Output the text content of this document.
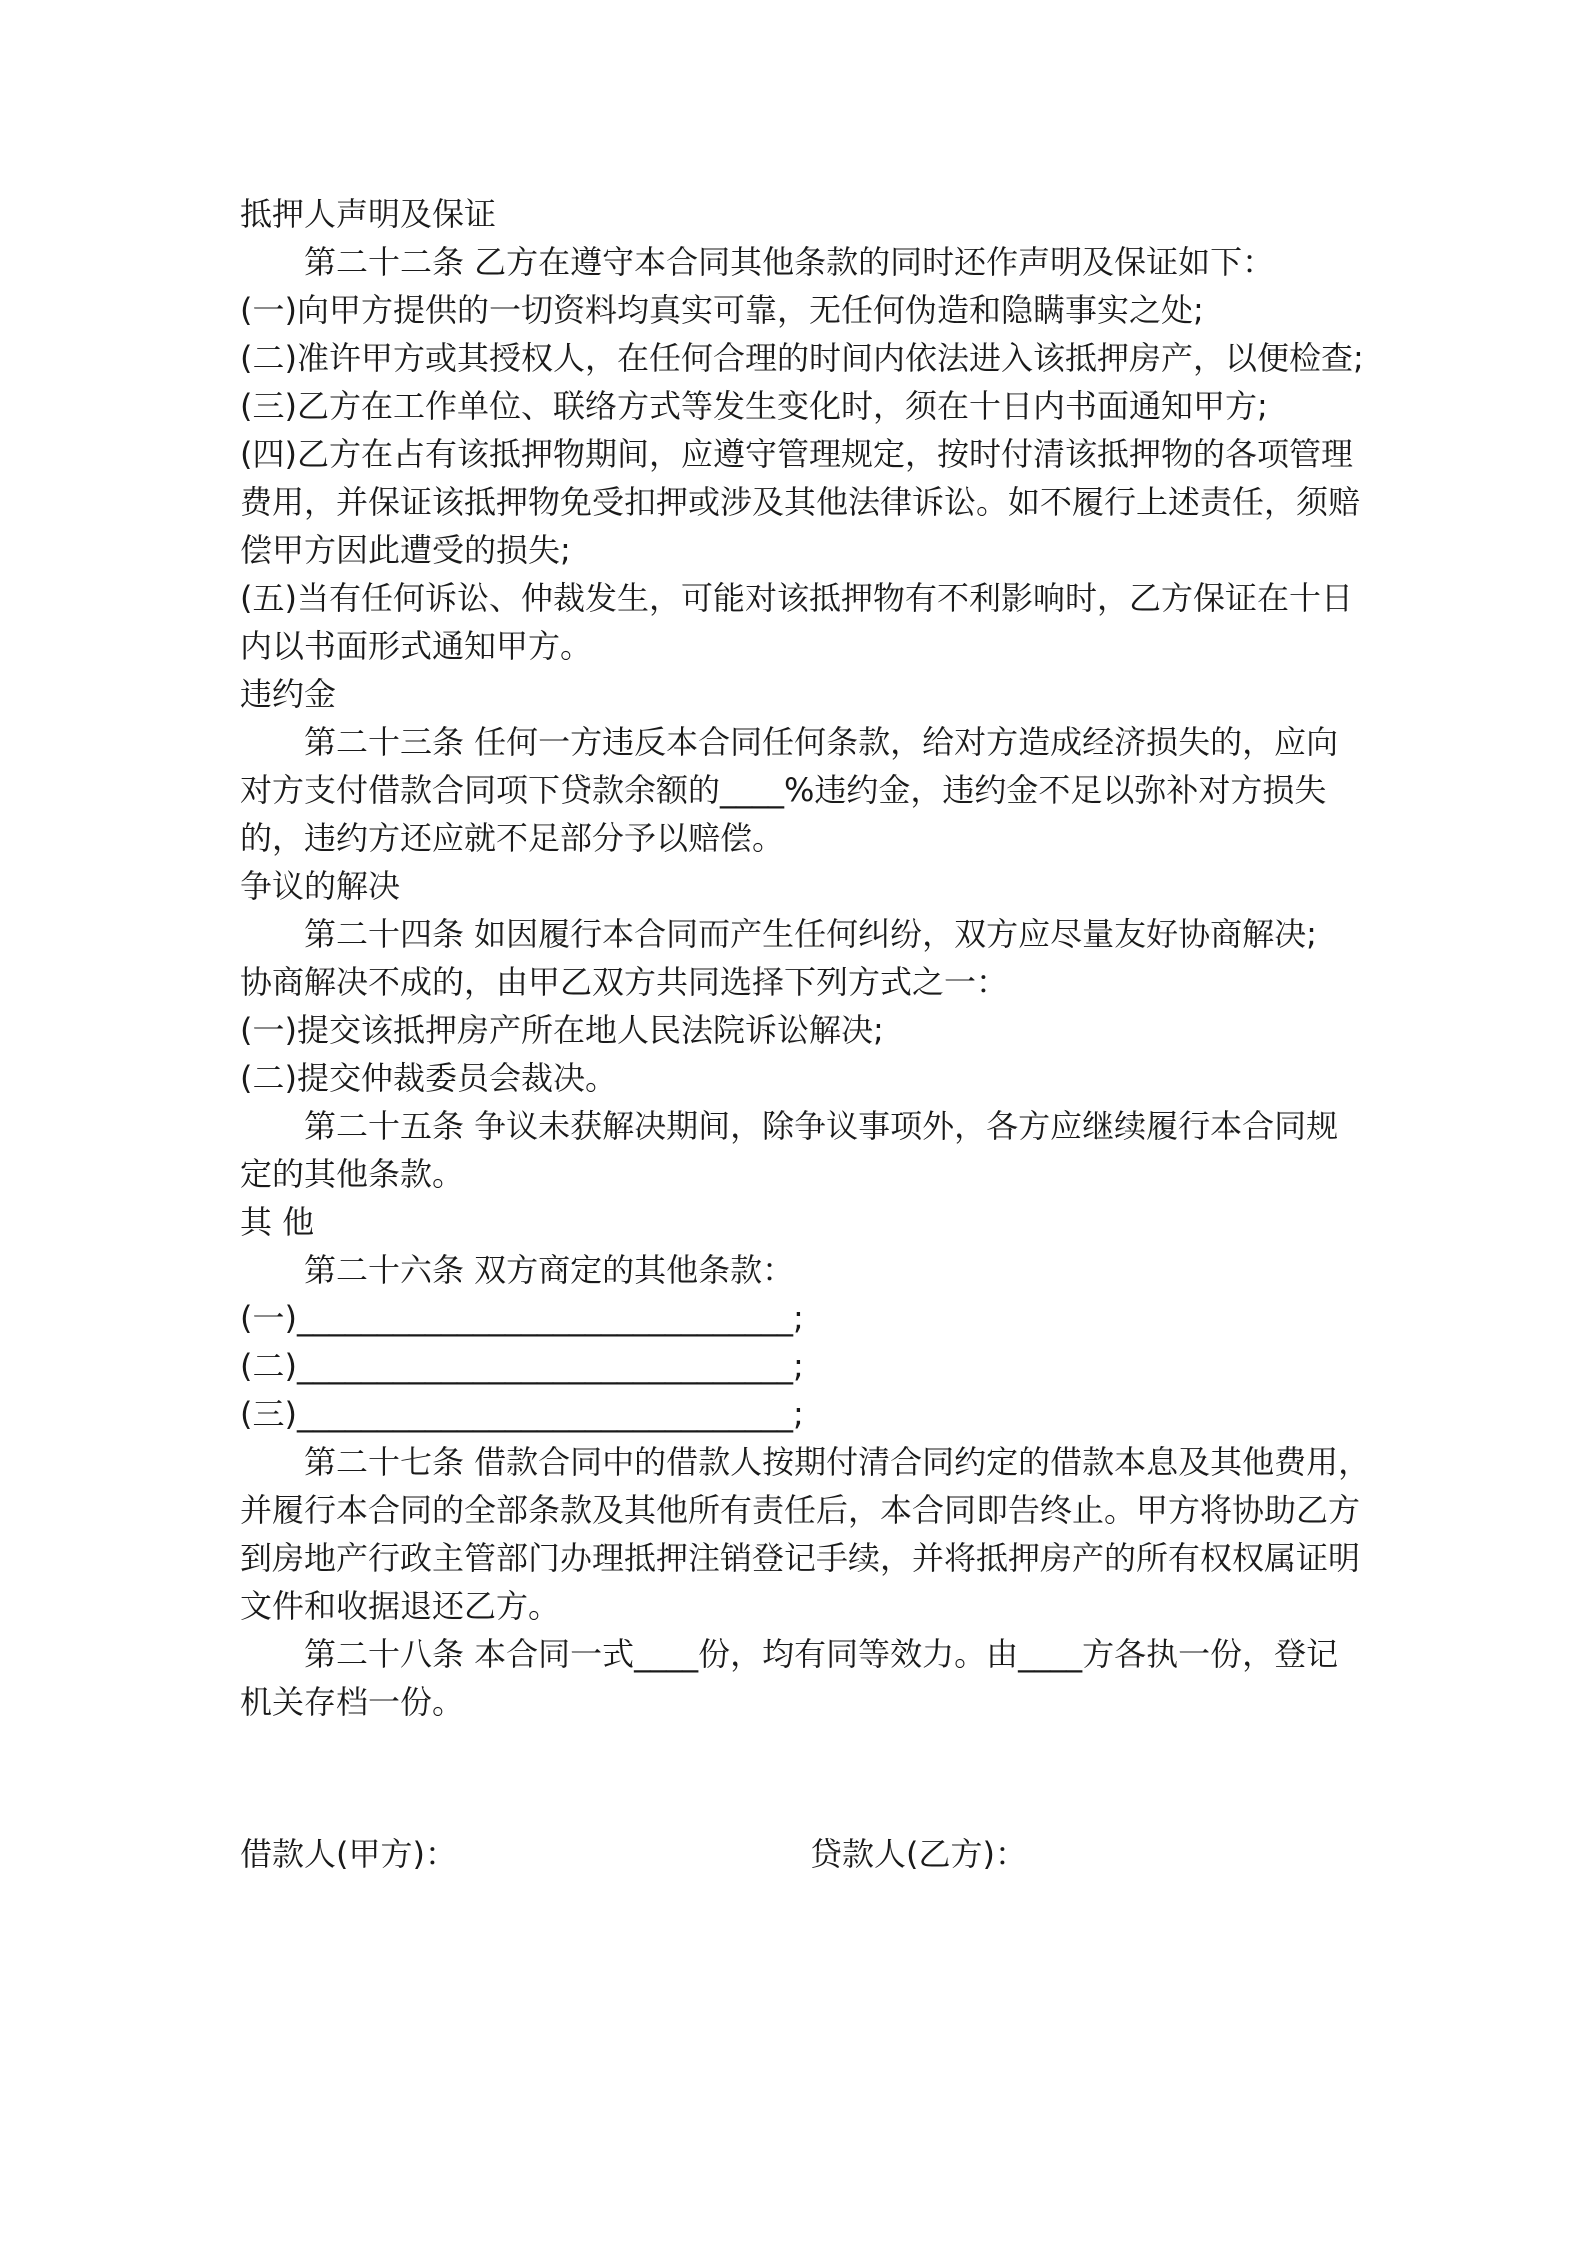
抵押人声明及保证
第二十二条 乙方在遵守本合同其他条款的同时还作声明及保证如下：
(一)向甲方提供的一切资料均真实可靠，无任何伪造和隐瞒事实之处;
(二)准许甲方或其授权人，在任何合理的时间内依法进入该抵押房产，以便检查;
(三)乙方在工作单位、联络方式等发生变化时，须在十日内书面通知甲方;
(四)乙方在占有该抵押物期间，应遵守管理规定，按时付清该抵押物的各项管理
费用，并保证该抵押物免受扣押或涉及其他法律诉讼。如不履行上述责任，须赔
偿甲方因此遭受的损失;
(五)当有任何诉讼、仲裁发生，可能对该抵押物有不利影响时，乙方保证在十日
内以书面形式通知甲方。
违约金
第二十三条 任何一方违反本合同任何条款，给对方造成经济损失的，应向
对方支付借款合同项下贷款余额的____%违约金，违约金不足以弥补对方损失
的，违约方还应就不足部分予以赔偿。
争议的解决
第二十四条 如因履行本合同而产生任何纠纷，双方应尽量友好协商解决;
协商解决不成的，由甲乙双方共同选择下列方式之一：
(一)提交该抵押房产所在地人民法院诉讼解决;
(二)提交仲裁委员会裁决。
第二十五条 争议未获解决期间，除争议事项外，各方应继续履行本合同规
定的其他条款。
其 他
第二十六条 双方商定的其他条款：
(一)_______________________________;
(二)_______________________________;
(三)_______________________________;
第二十七条 借款合同中的借款人按期付清合同约定的借款本息及其他费用，
并履行本合同的全部条款及其他所有责任后，本合同即告终止。甲方将协助乙方
到房地产行政主管部门办理抵押注销登记手续，并将抵押房产的所有权权属证明
文件和收据退还乙方。
第二十八条 本合同一式____份，均有同等效力。由____方各执一份，登记
机关存档一份。
借款人(甲方)：	贷款人(乙方)：
